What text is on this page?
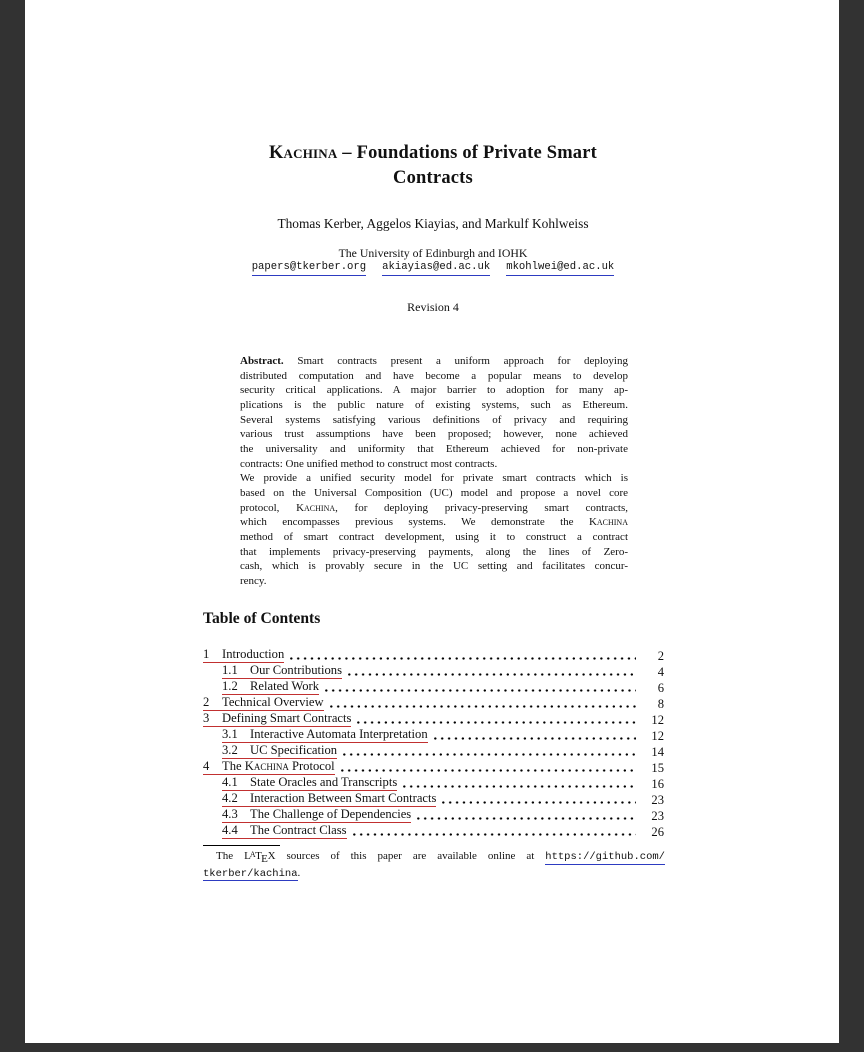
Kachina – Foundations of Private Smart
Contracts
Thomas Kerber, Aggelos Kiayias, and Markulf Kohlweiss
The University of Edinburgh and IOHK
papers@tkerber.org akiayias@ed.ac.uk mkohlwei@ed.ac.uk
Revision 4
Abstract. Smart contracts present a uniform approach for deploying
distributed computation and have become a popular means to develop
security critical applications. A major barrier to adoption for many ap-
plications is the public nature of existing systems, such as Ethereum.
Several systems satisfying various definitions of privacy and requiring
various trust assumptions have been proposed; however, none achieved
the universality and uniformity that Ethereum achieved for non-private
contracts: One unified method to construct most contracts.
We provide a unified security model for private smart contracts which is
based on the Universal Composition (UC) model and propose a novel core
protocol, Kachina, for deploying privacy-preserving smart contracts,
which encompasses previous systems. We demonstrate the Kachina
method of smart contract development, using it to construct a contract
that implements privacy-preserving payments, along the lines of Zero-
cash, which is provably secure in the UC setting and facilitates concur-
rency.
Table of Contents
1	Introduction	2
1.1 Our Contributions	4
1.2 Related Work	6
2	Technical Overview	8
3	Defining Smart Contracts	12
3.1 Interactive Automata Interpretation	12
3.2 UC Specification	14
4	The Kachina Protocol	15
4.1 State Oracles and Transcripts	16
4.2 Interaction Between Smart Contracts	23
4.3 The Challenge of Dependencies	23
4.4 The Contract Class	26
The $L^ATEX$ sources of this paper are available online at https://github.com/
tkerber/kachina.
